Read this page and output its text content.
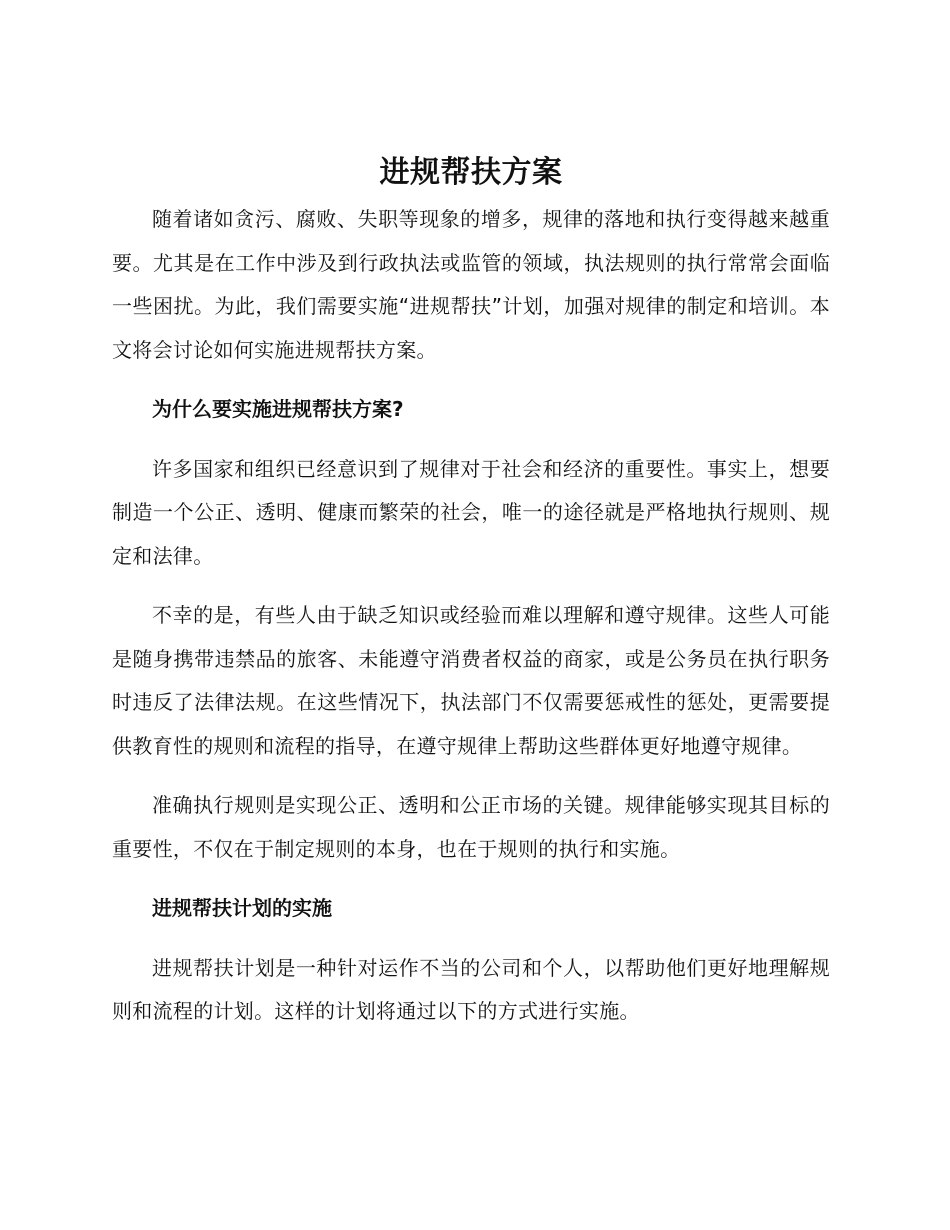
进规帮扶方案

随着诸如贪污、腐败、失职等现象的增多，规律的落地和执行变得越来越重要。尤其是在工作中涉及到行政执法或监管的领域，执法规则的执行常常会面临一些困扰。为此，我们需要实施“进规帮扶”计划，加强对规律的制定和培训。本文将会讨论如何实施进规帮扶方案。

为什么要实施进规帮扶方案?

许多国家和组织已经意识到了规律对于社会和经济的重要性。事实上，想要制造一个公正、透明、健康而繁荣的社会，唯一的途径就是严格地执行规则、规定和法律。

不幸的是，有些人由于缺乏知识或经验而难以理解和遵守规律。这些人可能是随身携带违禁品的旅客、未能遵守消费者权益的商家，或是公务员在执行职务时违反了法律法规。在这些情况下，执法部门不仅需要惩戒性的惩处，更需要提供教育性的规则和流程的指导，在遵守规律上帮助这些群体更好地遵守规律。

准确执行规则是实现公正、透明和公正市场的关键。规律能够实现其目标的重要性，不仅在于制定规则的本身，也在于规则的执行和实施。

进规帮扶计划的实施

进规帮扶计划是一种针对运作不当的公司和个人，以帮助他们更好地理解规则和流程的计划。这样的计划将通过以下的方式进行实施。
